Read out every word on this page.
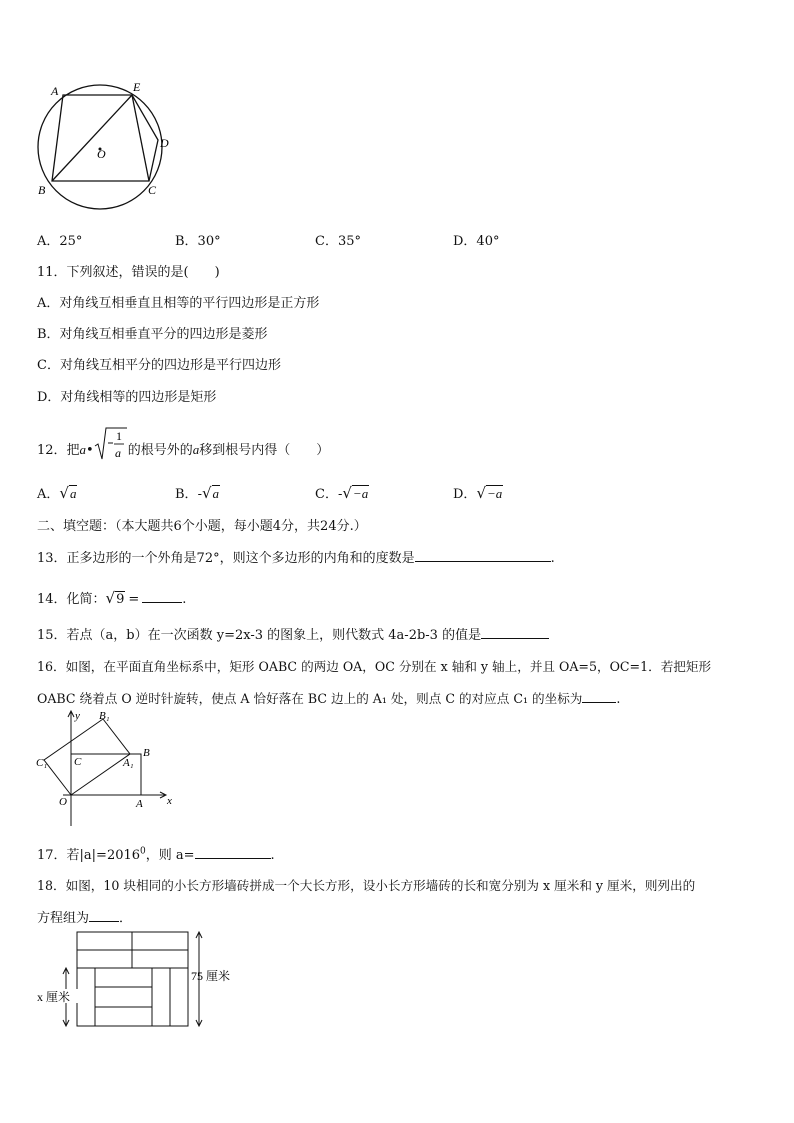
A	E
D
B	C
O
A．25°	B．30°	C．35°	D．40°
11．下列叙述，错误的是(　　)
A．对角线互相垂直且相等的平行四边形是正方形
B．对角线互相垂直平分的四边形是菱形
C．对角线互相平分的四边形是平行四边形
D．对角线相等的四边形是矩形
12．把a•
1
a 的根号外的a移到根号内得（　　）
A．√a	B．-√a	C．-√−a	D．√−a
二、填空题：（本大题共6个小题，每小题4分，共24分.）
13．正多边形的一个外角是72°，则这个多边形的内角和的度数是	.
14．化简：√9 =	.
15．若点（a，b）在一次函数 y=2x-3 的图象上，则代数式 4a-2b-3 的值是
16．如图，在平面直角坐标系中，矩形 OABC 的两边 OA，OC 分别在 x 轴和 y 轴上，并且 OA=5，OC=1．若把矩形
OABC 绕着点 O 逆时针旋转，使点 A 恰好落在 BC 边上的 A₁ 处，则点 C 的对应点 C₁ 的坐标为	.
y B₁
B
C₁ C	A₁
O	x
A
17．若$|a|=2016^0$，则 a=	.
18．如图，10 块相同的小长方形墙砖拼成一个大长方形，设小长方形墙砖的长和宽分别为 x 厘米和 y 厘米，则列出的
方程组为 ．
75 厘米
x 厘米
